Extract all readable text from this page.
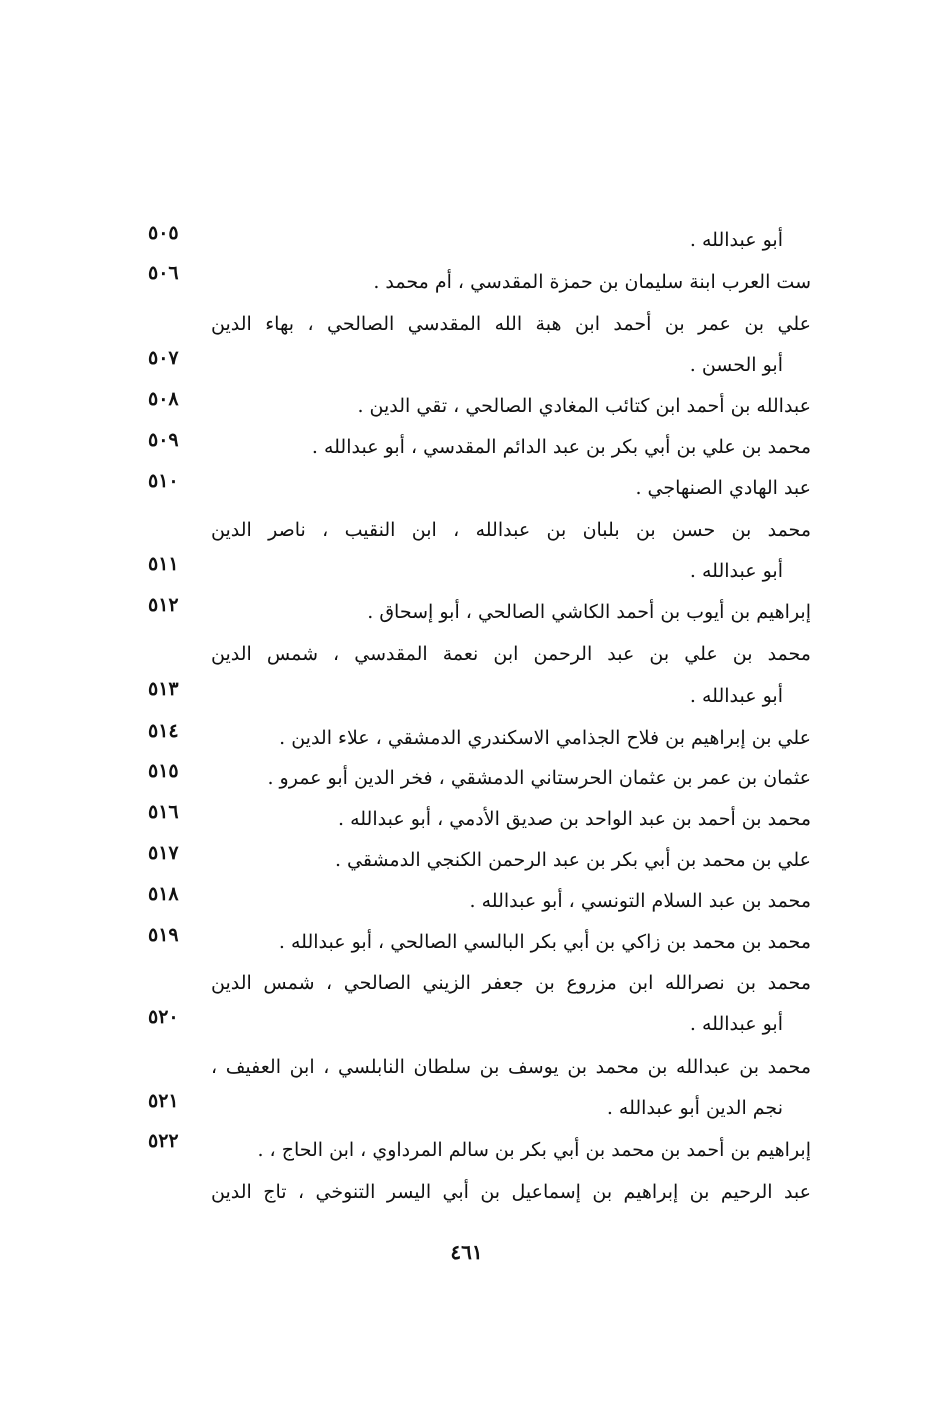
٥٠٥	أبو عبدالله .
٥٠٦	ست العرب ابنة سليمان بن حمزة المقدسي ، أم محمد .
علي بن عمر بن أحمد ابن هبة الله المقدسي الصالحي ، بهاء الدين
٥٠٧	أبو الحسن .
٥٠٨	عبدالله بن أحمد ابن كتائب المغادي الصالحي ، تقي الدين .
٥٠٩	محمد بن علي بن أبي بكر بن عبد الدائم المقدسي ، أبو عبدالله .
٥١٠	عبد الهادي الصنهاجي .
محمد بن حسن بن بلبان بن عبدالله ، ابن النقيب ، ناصر الدين
٥١١	أبو عبدالله .
٥١٢	إبراهيم بن أيوب بن أحمد الكاشي الصالحي ، أبو إسحاق .
محمد بن علي بن عبد الرحمن ابن نعمة المقدسي ، شمس الدين
٥١٣	أبو عبدالله .
٥١٤	علي بن إبراهيم بن فلاح الجذامي الاسكندري الدمشقي ، علاء الدين .
٥١٥	عثمان بن عمر بن عثمان الحرستاني الدمشقي ، فخر الدين أبو عمرو .
٥١٦	محمد بن أحمد بن عبد الواحد بن صديق الأدمي ، أبو عبدالله .
٥١٧	علي بن محمد بن أبي بكر بن عبد الرحمن الكنجي الدمشقي .
٥١٨	محمد بن عبد السلام التونسي ، أبو عبدالله .
٥١٩	محمد بن محمد بن زاكي بن أبي بكر البالسي الصالحي ، أبو عبدالله .
محمد بن نصرالله ابن مزروع بن جعفر الزيني الصالحي ، شمس الدين
٥٢٠	أبو عبدالله .
محمد بن عبدالله بن محمد بن يوسف بن سلطان النابلسي ، ابن العفيف ،
٥٢١	نجم الدين أبو عبدالله .
٥٢٢	إبراهيم بن أحمد بن محمد بن أبي بكر بن سالم المرداوي ، ابن الحاج ، .
عبد الرحيم بن إبراهيم بن إسماعيل بن أبي اليسر التنوخي ، تاج الدين
٤٦١
